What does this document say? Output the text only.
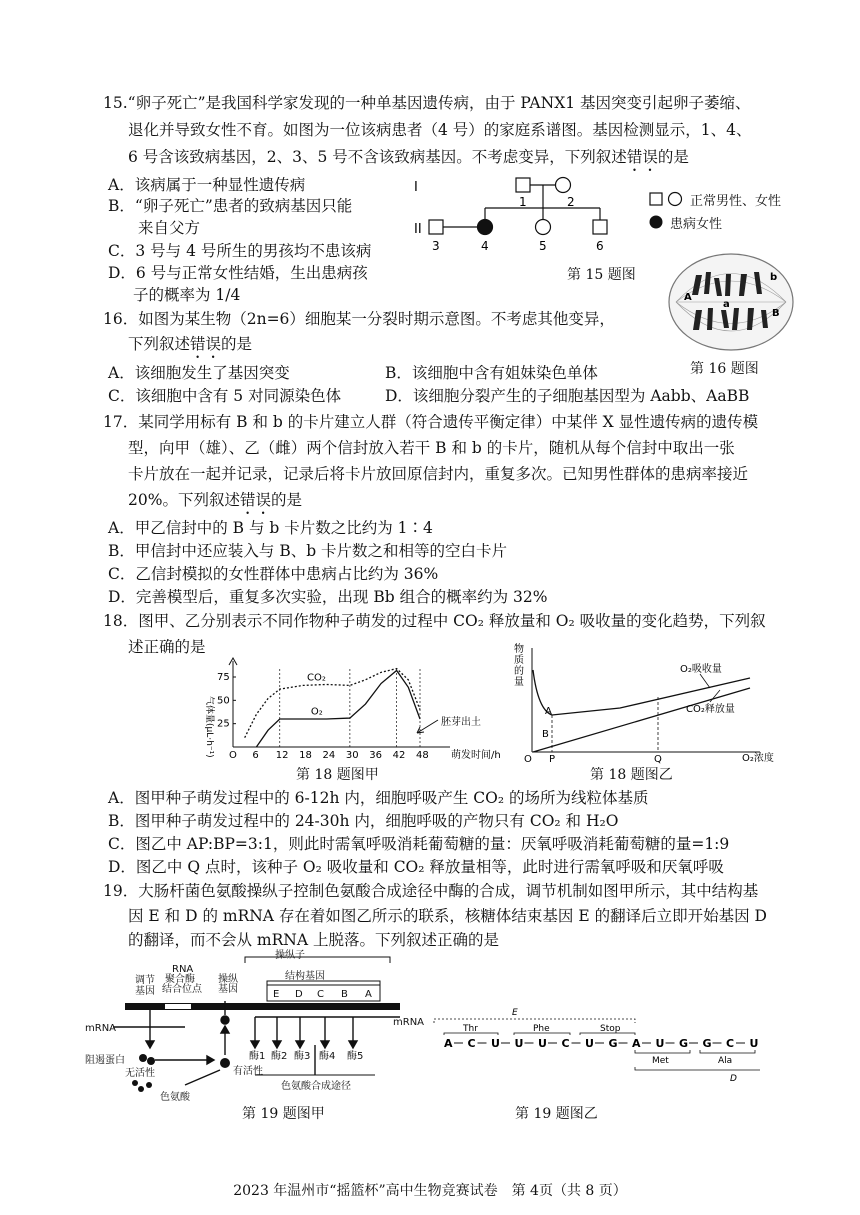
15.“卵子死亡”是我国科学家发现的一种单基因遗传病，由于 PANX1 基因突变引起卵子萎缩、
退化并导致女性不育。如图为一位该病患者（4 号）的家庭系谱图。基因检测显示，1、4、
6 号含该致病基因，2、3、5 号不含该致病基因。不考虑变异，下列叙述错误的是
A．该病属于一种显性遗传病
B．“卵子死亡”患者的致病基因只能
来自父方
C．3 号与 4 号所生的男孩均不患该病
D．6 号与正常女性结婚，生出患病孩
子的概率为 1/4
I
II
1	2
3	4	5	6
第 15 题图
正常男性、女性
患病女性
A
a
b
B
第 16 题图
16．如图为某生物（2n=6）细胞某一分裂时期示意图。不考虑其他变异，
下列叙述错误的是
A．该细胞发生了基因突变	B．该细胞中含有姐妹染色单体
C．该细胞中含有 5 对同源染色体	D．该细胞分裂产生的子细胞基因型为 Aabb、AaBB
17．某同学用标有 B 和 b 的卡片建立人群（符合遗传平衡定律）中某伴 X 显性遗传病的遗传模
型，向甲（雄）、乙（雌）两个信封放入若干 B 和 b 的卡片，随机从每个信封中取出一张
卡片放在一起并记录，记录后将卡片放回原信封内，重复多次。已知男性群体的患病率接近
20%。下列叙述错误的是
A．甲乙信封中的 B 与 b 卡片数之比约为 1∶4
B．甲信封中还应装入与 B、b 卡片数之和相等的空白卡片
C．乙信封模拟的女性群体中患病占比约为 36%
D．完善模型后，重复多次实验，出现 Bb 组合的概率约为 32%
18．图甲、乙分别表示不同作物种子萌发的过程中 CO₂ 释放量和 O₂ 吸收量的变化趋势，下列叙
述正确的是
气体量(μL·h⁻¹) O 6 12 18 24 30 36 42 48
25
50
75	CO₂
O₂
萌发时间/h
胚芽出土
第 18 题图甲
物质的量
O₂浓度
A
B
O P	Q
O₂吸收量
CO₂释放量
第 18 题图乙
A．图甲种子萌发过程中的 6-12h 内，细胞呼吸产生 CO₂ 的场所为线粒体基质
B．图甲种子萌发过程中的 24-30h 内，细胞呼吸的产物只有 CO₂ 和 H₂O
C．图乙中 AP:BP=3:1，则此时需氧呼吸消耗葡萄糖的量：厌氧呼吸消耗葡萄糖的量=1:9
D．图乙中 Q 点时，该种子 O₂ 吸收量和 CO₂ 释放量相等，此时进行需氧呼吸和厌氧呼吸
19．大肠杆菌色氨酸操纵子控制色氨酸合成途径中酶的合成，调节机制如图甲所示，其中结构基
因 E 和 D 的 mRNA 存在着如图乙所示的联系，核糖体结束基因 E 的翻译后立即开始基因 D
的翻译，而不会从 mRNA 上脱落。下列叙述正确的是
操纵子
结构基因
调节
基因
RNA
聚合酶
结合位点
操纵
基因	E D C B A
mRNA
mRNA
酶1 酶2 酶3 酶4 酶5
阻遏蛋白
无活性	有活性
色氨酸
色氨酸合成途径
第 19 题图甲
E
Thr	Phe	Stop
A C U U U C U G A U G G C U
Met	Ala
D
第 19 题图乙
2023 年温州市“摇篮杯”高中生物竞赛试卷　第 4页（共 8 页）
